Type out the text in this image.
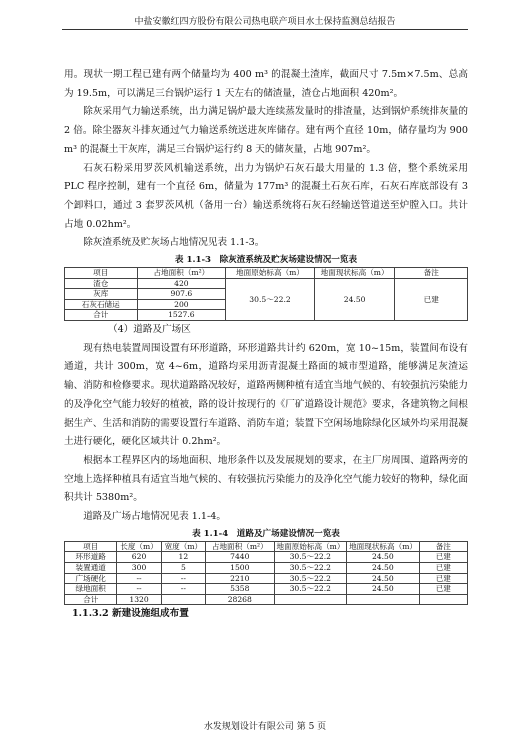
中盐安徽红四方股份有限公司热电联产项目水土保持监测总结报告

用。现状一期工程已建有两个储量均为 400 m³ 的混凝土渣库，截面尺寸 7.5m×7.5m、总高为 19.5m，可以满足三台锅炉运行 1 天左右的储渣量，渣仓占地面积 420m²。

除灰采用气力输送系统，出力满足锅炉最大连续蒸发量时的排渣量，达到锅炉系统排灰量的 2 倍。除尘器灰斗排灰通过气力输送系统送进灰库储存。建有两个直径 10m，储存量均为 900 m³ 的混凝土干灰库，满足三台锅炉运行约 8 天的储灰量，占地 907m²。

石灰石粉采用罗茨风机输送系统，出力为锅炉石灰石最大用量的 1.3 倍，整个系统采用 PLC 程序控制，建有一个直径 6m，储量为 177m³ 的混凝土石灰石库，石灰石库底部设有 3 个卸料口，通过 3 套罗茨风机（备用一台）输送系统将石灰石经输送管道送至炉膛入口。共计占地 0.02hm²。

除灰渣系统及贮灰场占地情况见表 1.1-3。

表 1.1-3　除灰渣系统及贮灰场建设情况一览表
项目	占地面积（m²）	地面原始标高（m）	地面现状标高（m）	备注
渣仓	420	30.5～22.2	24.50	已建
灰库	907.6			
石灰石储运	200			
合计	1527.6			

（4）道路及广场区

现有热电装置周围设置有环形道路，环形道路共计约 620m，宽 10~15m，装置间布设有通道，共计 300m，宽 4~6m，道路均采用沥青混凝土路面的城市型道路，能够满足灰渣运输、消防和检修要求。现状道路路况较好，道路两侧种植有适宜当地气候的、有较强抗污染能力的及净化空气能力较好的植被，路的设计按现行的《厂矿道路设计规范》要求，各建筑物之间根据生产、生活和消防的需要设置行车道路、消防车道；装置下空闲场地除绿化区域外均采用混凝土进行硬化，硬化区域共计 0.2hm²。

根据本工程界区内的场地面积、地形条件以及发展规划的要求，在主厂房周围、道路两旁的空地上选择种植具有适宜当地气候的、有较强抗污染能力的及净化空气能力较好的物种，绿化面积共计 5380m²。

道路及广场占地情况见表 1.1-4。

表 1.1-4　道路及广场建设情况一览表
项目	长度（m）	宽度（m）	占地面积（m²）	地面原始标高（m）	地面现状标高（m）	备注
环形道路	620	12	7440	30.5～22.2	24.50	已建
装置通道	300	5	1500	30.5～22.2	24.50	已建
广场硬化	--	--	2210	30.5～22.2	24.50	已建
绿地面积	--	--	5358	30.5～22.2	24.50	已建
合计	1320		28268			

1.1.3.2 新建设施组成布置

水发规划设计有限公司 第 5 页
